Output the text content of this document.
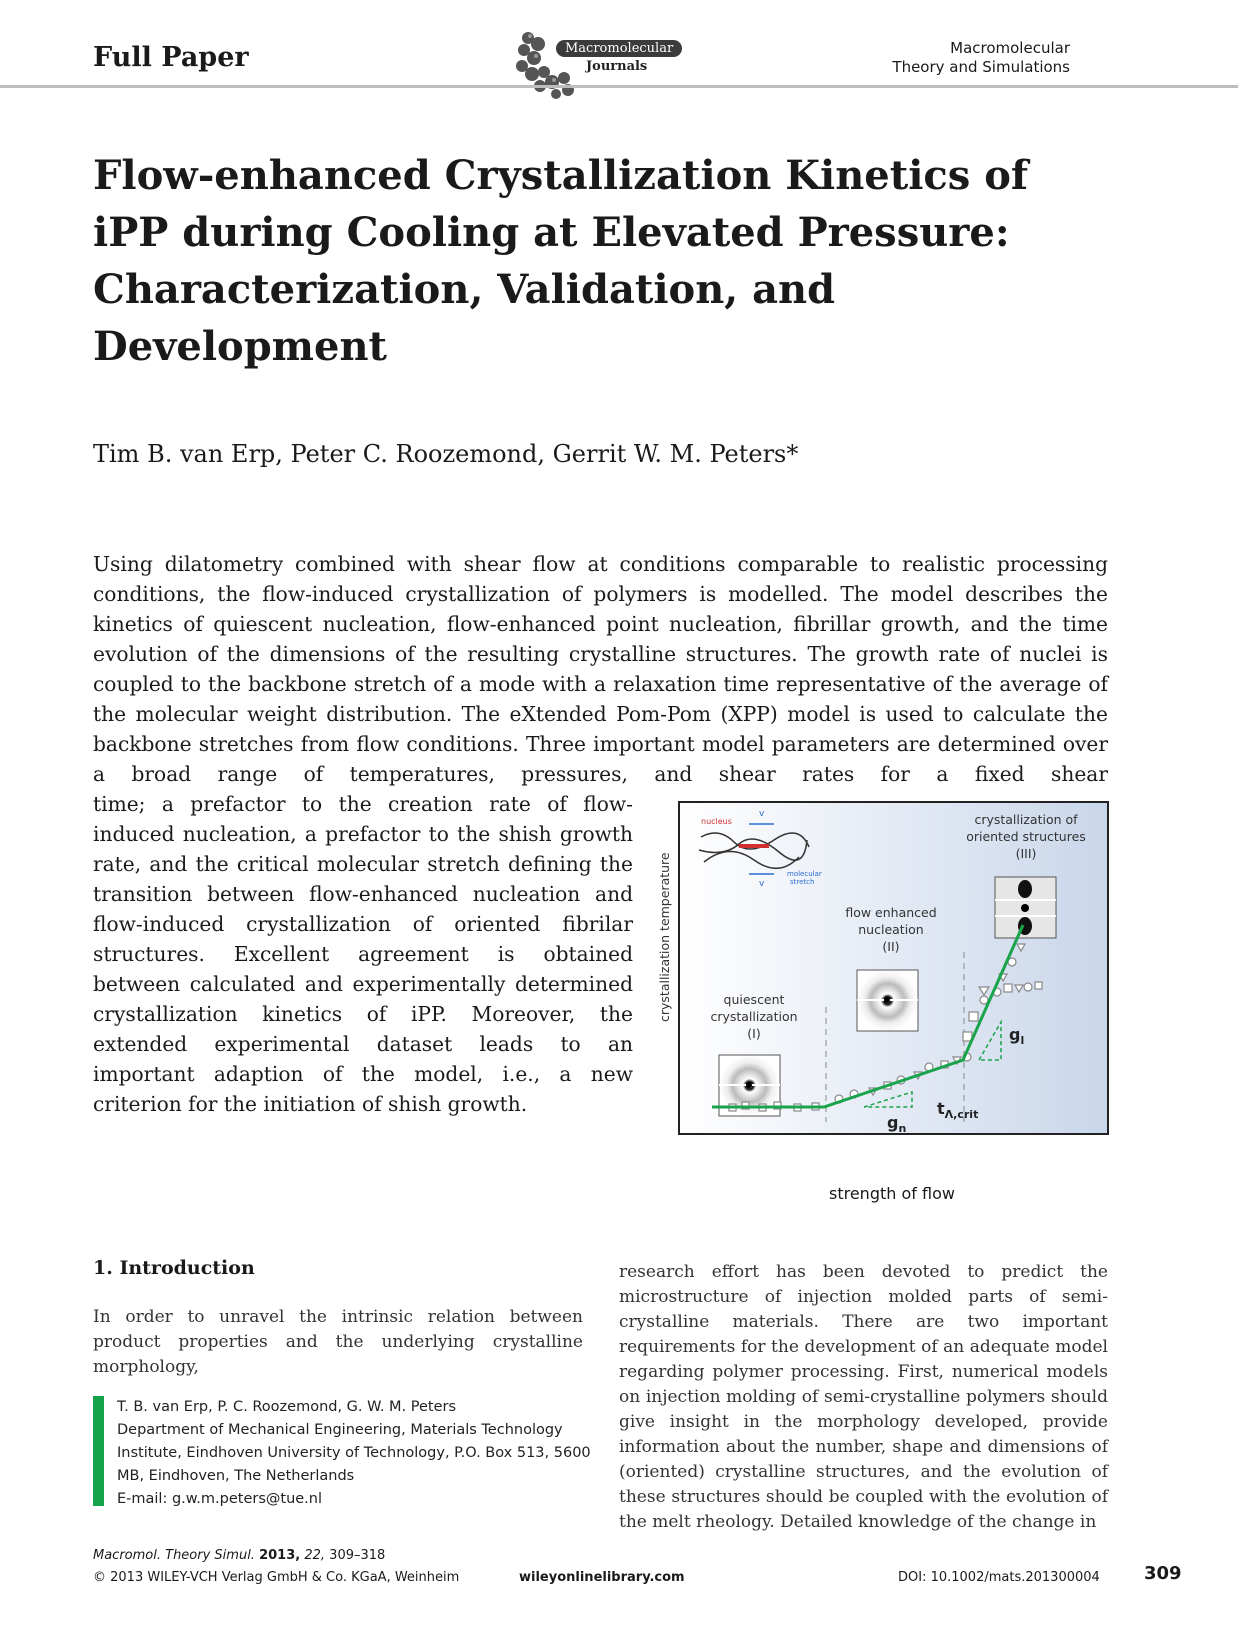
Full Paper	Macromolecular
Journals
Macromolecular
Theory and Simulations
Flow-enhanced Crystallization Kinetics of
iPP during Cooling at Elevated Pressure:
Characterization, Validation, and
Development
Tim B. van Erp, Peter C. Roozemond, Gerrit W. M. Peters*

Using dilatometry combined with shear flow at conditions comparable to realistic processing conditions, the flow-induced crystallization of polymers is modelled. The model describes the kinetics of quiescent nucleation, flow-enhanced point nucleation, fibrillar growth, and the time evolution of the dimensions of the resulting crystalline structures. The growth rate of nuclei is coupled to the backbone stretch of a mode with a relaxation time representative of the average of the molecular weight distribution. The eXtended Pom-Pom (XPP) model is used to calculate the backbone stretches from flow conditions. Three important model parameters are determined over a broad range of temperatures, pressures, and shear rates for a fixed shear

time; a prefactor to the creation rate of flow-induced nucleation, a prefactor to the shish growth rate, and the critical molecular stretch defining the transition between flow-enhanced nucleation and flow-induced crystallization of oriented fibrilar structures. Excellent agreement is obtained between calculated and experimentally determined crystallization kinetics of iPP. Moreover, the extended experimental dataset leads to an important adaption of the model, i.e., a new criterion for the initiation of shish growth.

crystallization temperature
nucleus
v
v
molecular
stretch
quiescent
crystallization
(I)
flow enhanced
nucleation
(II)
crystallization of
oriented structures
(III)
$g_n$
$g_l$
$t_{\Lambda,crit}$
strength of flow
1. Introduction
In order to unravel the intrinsic relation between product properties and the underlying crystalline morphology,
research effort has been devoted to predict the microstructure of injection molded parts of semi-crystalline materials. There are two important requirements for the development of an adequate model regarding polymer processing. First, numerical models on injection molding of semi-crystalline polymers should give insight in the morphology developed, provide information about the number, shape and dimensions of (oriented) crystalline structures, and the evolution of these structures should be coupled with the evolution of the melt rheology. Detailed knowledge of the change in
T. B. van Erp, P. C. Roozemond, G. W. M. Peters
Department of Mechanical Engineering, Materials Technology
Institute, Eindhoven University of Technology, P.O. Box 513, 5600
MB, Eindhoven, The Netherlands
E-mail: g.w.m.peters@tue.nl
Macromol. Theory Simul. 2013, 22, 309–318
© 2013 WILEY-VCH Verlag GmbH & Co. KGaA, Weinheim	wileyonlinelibrary.com	DOI: 10.1002/mats.201300004 309
